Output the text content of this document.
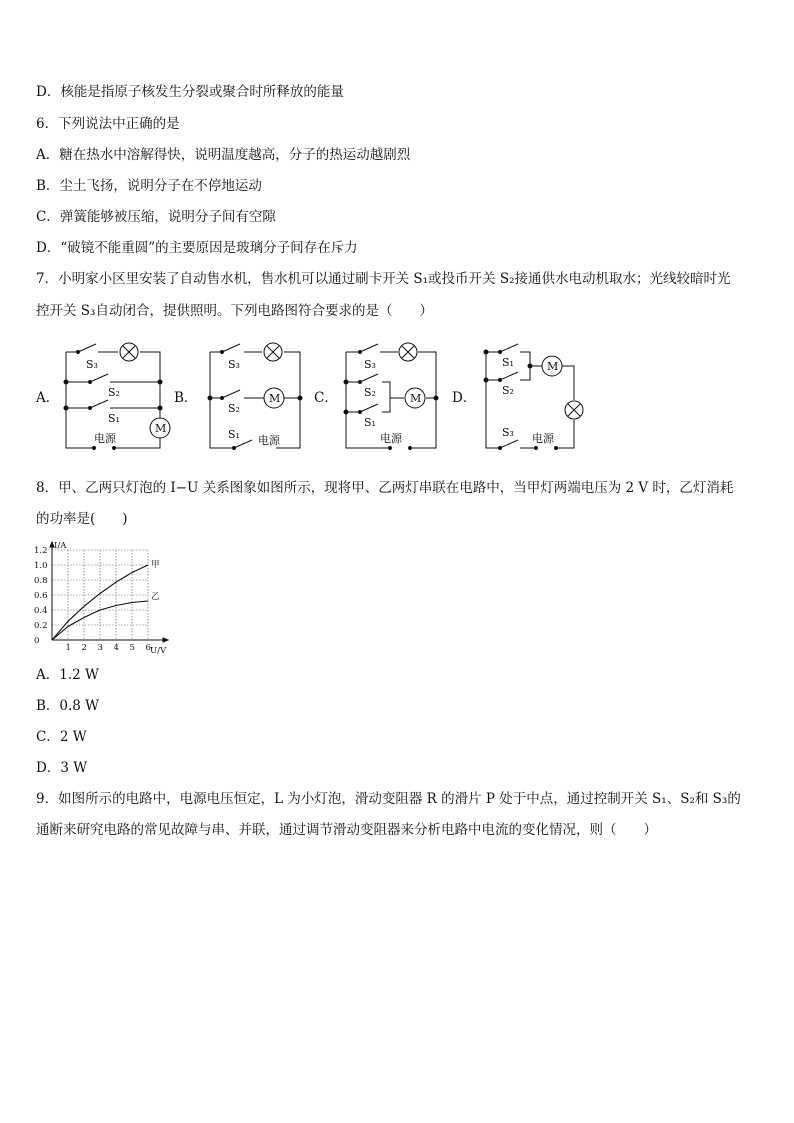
D．核能是指原子核发生分裂或聚合时所释放的能量
6．下列说法中正确的是
A．糖在热水中溶解得快，说明温度越高，分子的热运动越剧烈
B．尘土飞扬，说明分子在不停地运动
C．弹簧能够被压缩，说明分子间有空隙
D．“破镜不能重圆”的主要原因是玻璃分子间存在斥力
7．小明家小区里安装了自动售水机，售水机可以通过刷卡开关 S₁或投币开关 S₂接通供水电动机取水；光线较暗时光
控开关 S₃自动闭合，提供照明。下列电路图符合要求的是（　　）
A．	B．	C．	D．
S₃
S₂
S₁
M
电源
S₃
S₂
M
S₁ 电源
S₃
S₂
S₁
M
电源
S₁
S₂
M
S₃ 电源
8．甲、乙两只灯泡的 I−U 关系图象如图所示，现将甲、乙两灯串联在电路中，当甲灯两端电压为 2 V 时，乙灯消耗
的功率是(　　)
1 2 3 4 5 6
0
0.2
0.4
0.6
0.8
1.0
1.2 I/A
U/V
甲
乙
A．1.2 W
B．0.8 W
C．2 W
D．3 W
9．如图所示的电路中，电源电压恒定，L 为小灯泡，滑动变阻器 R 的滑片 P 处于中点，通过控制开关 S₁、S₂和 S₃的
通断来研究电路的常见故障与串、并联，通过调节滑动变阻器来分析电路中电流的变化情况，则（　　）
